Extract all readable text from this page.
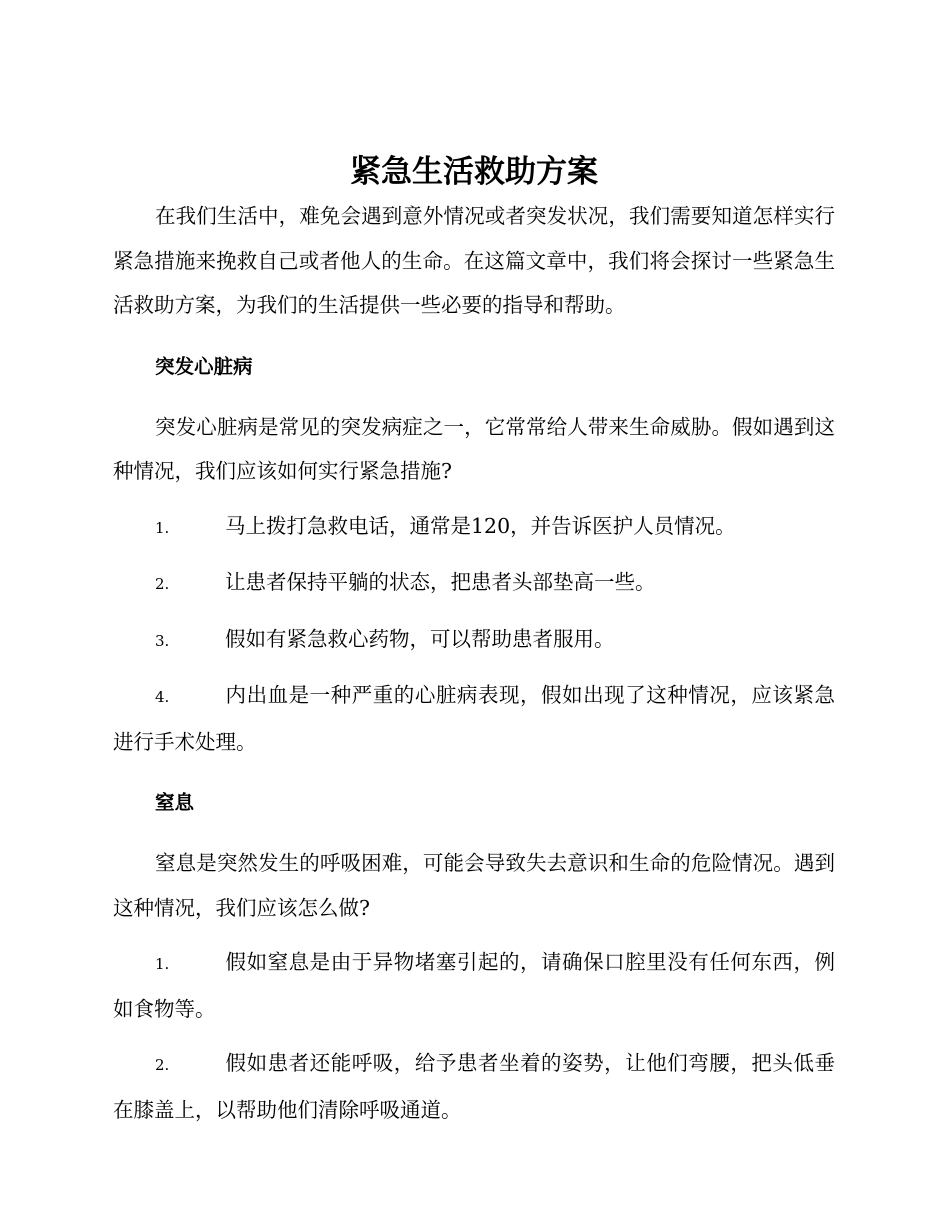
紧急生活救助方案

在我们生活中，难免会遇到意外情况或者突发状况，我们需要知道怎样实行紧急措施来挽救自己或者他人的生命。在这篇文章中，我们将会探讨一些紧急生活救助方案，为我们的生活提供一些必要的指导和帮助。

突发心脏病

突发心脏病是常见的突发病症之一，它常常给人带来生命威胁。假如遇到这种情况，我们应该如何实行紧急措施?

1.	马上拨打急救电话，通常是120，并告诉医护人员情况。

2.	让患者保持平躺的状态，把患者头部垫高一些。

3.	假如有紧急救心药物，可以帮助患者服用。

4.	内出血是一种严重的心脏病表现，假如出现了这种情况，应该紧急进行手术处理。

窒息

窒息是突然发生的呼吸困难，可能会导致失去意识和生命的危险情况。遇到这种情况，我们应该怎么做?

1.	假如窒息是由于异物堵塞引起的，请确保口腔里没有任何东西，例如食物等。

2.	假如患者还能呼吸，给予患者坐着的姿势，让他们弯腰，把头低垂在膝盖上，以帮助他们清除呼吸通道。
